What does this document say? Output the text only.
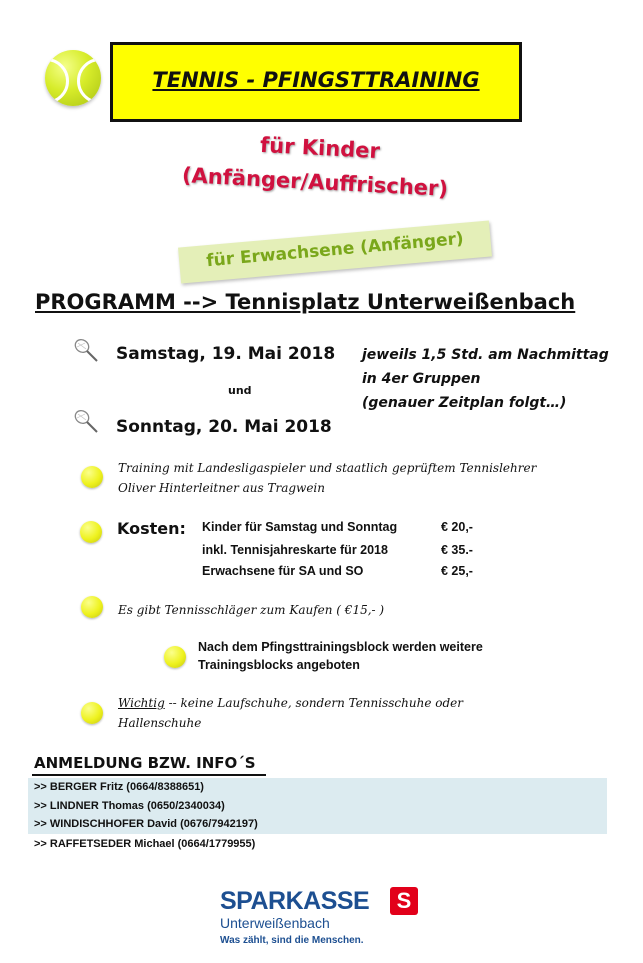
TENNIS - PFINGSTTRAINING
für Kinder
(Anfänger/Auffrischer)
für Erwachsene (Anfänger)
PROGRAMM --> Tennisplatz Unterweißenbach
Samstag, 19. Mai 2018
und
Sonntag, 20. Mai 2018
jeweils 1,5 Std. am Nachmittag
in 4er Gruppen
(genauer Zeitplan folgt…)
Training mit Landesligaspieler und staatlich geprüftem Tennislehrer
Oliver Hinterleitner aus Tragwein
Kosten: Kinder für Samstag und Sonntag	€ 20,-
inkl. Tennisjahreskarte für 2018	€ 35.-
Erwachsene für SA und SO	€ 25,-
Es gibt Tennisschläger zum Kaufen ( €15,- )
Nach dem Pfingsttrainingsblock werden weitere
Trainingsblocks angeboten
Wichtig -- keine Laufschuhe, sondern Tennisschuhe oder
Hallenschuhe
ANMELDUNG BZW. INFO´S
>> BERGER Fritz (0664/8388651)
>> LINDNER Thomas (0650/2340034)
>> WINDISCHHOFER David (0676/7942197)
>> RAFFETSEDER Michael (0664/1779955)
SPARKASSE	S
Unterweißenbach
Was zählt, sind die Menschen.
